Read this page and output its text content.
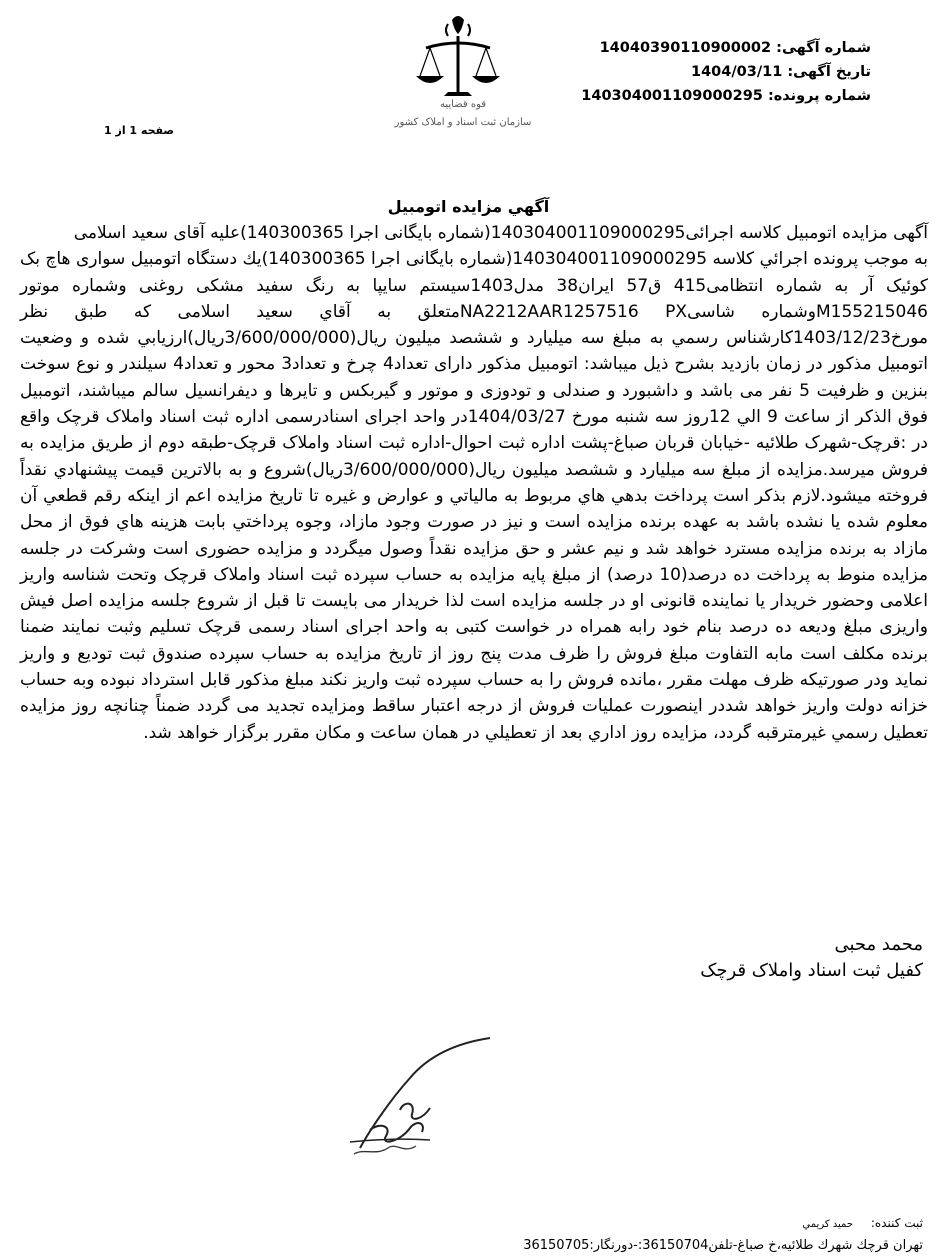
شماره آگهی: 14040390110900002
تاریخ آگهی: 1404/03/11
شماره پرونده: 14030400110900029​5
قوه قضاییه
سازمان ثبت اسناد و املاک کشور
صفحه 1 از 1
آگهي مزايده اتومبيل

آگهی مزایده اتومبیل کلاسه اجرائی14030400110900029​5(شماره بایگانی اجرا 140300365)علیه آقای سعید اسلامی

به موجب پرونده اجرائي كلاسه 14030400110900029​5(شماره بايگانی اجرا 140300365)یك دستگاه اتومبیل سواری هاچ بک کوئیک آر به شماره انتظامی415 ق57 ایران38 مدل1403سیستم سایپا به رنگ سفید مشکی روغنی وشماره موتور M155215046وشماره شاسیNA2212AAR1257516 PXمتعلق به آقاي سعيد اسلامی كه طبق نظر مورخ1403/12/23كارشناس رسمي به مبلغ سه میلیارد و ششصد میلیون ريال(3/600/000/000ريال)ارزيابي شده و وضعيت اتومبیل مذكور در زمان بازدید بشرح ذیل میباشد: اتومبیل مذکور دارای تعداد4 چرخ و تعداد3 محور و تعداد4 سیلندر و نوع سوخت بنزین و ظرفیت 5 نفر می باشد و داشبورد و صندلی و تودوزی و موتور و گیربکس و تایرها و دیفرانسیل سالم میباشند، اتومبیل فوق الذكر از ساعت 9 الي 12روز سه شنبه مورخ 1404/03/27در واحد اجرای اسنادرسمی اداره ثبت اسناد واملاک قرچک واقع در :قرچک-شهرک طلائیه -خیابان قربان صباغ-پشت اداره ثبت احوال-اداره ثبت اسناد واملاک قرچک-طبقه دوم از طريق مزايده به فروش ميرسد.مزايده از مبلغ سه میلیارد و ششصد میلیون ريال(3/600/000/000ريال)شروع و به بالاترين قيمت پيشنهادي نقداً فروخته ميشود.لازم بذكر است پرداخت بدهي هاي مربوط به مالياتي و عوارض و غيره تا تاريخ مزايده اعم از اينكه رقم قطعي آن معلوم شده يا نشده باشد به عهده برنده مزايده است و نيز در صورت وجود مازاد، وجوه پرداختي بابت هزينه هاي فوق از محل مازاد به برنده مزايده مسترد خواهد شد و نيم عشر و حق مزايده نقداً وصول ميگردد و مزايده حضوری است وشرکت در جلسه مزایده منوط به پرداخت ده درصد(10 درصد) از مبلغ پایه مزایده به حساب سپرده ثبت اسناد واملاک قرچک وتحت شناسه واریز اعلامی وحضور خریدار یا نماینده قانونی او در جلسه مزایده است لذا خریدار می بایست تا قبل از شروع جلسه مزایده اصل فیش واریزی مبلغ ودیعه ده درصد بنام خود رابه همراه در خواست کتبی به واحد اجرای اسناد رسمی قرچک تسلیم وثبت نمایند ضمنا برنده مکلف است مابه التفاوت مبلغ فروش را ظرف مدت پنج روز از تاریخ مزایده به حساب سپرده صندوق ثبت تودیع و واریز نماید ودر صورتیکه ظرف مهلت مقرر ،مانده فروش را به حساب سپرده ثبت واریز نکند مبلغ مذکور قابل استرداد نبوده وبه حساب خزانه دولت واریز خواهد شددر اینصورت عملیات فروش از درجه اعتبار ساقط ومزایده تجدید می گردد ضمناً چنانچه روز مزايده تعطيل رسمي غيرمترقبه گردد، مزايده روز اداري بعد از تعطيلي در همان ساعت و مكان مقرر برگزار خواهد شد.

محمد محبی
کفیل ثبت اسناد واملاک قرچک
ثبت كننده: حميد كريمي
تهران قرچك شهرك طلائيه،خ صباغ-تلفن36150704:-دورنگار:36150705
